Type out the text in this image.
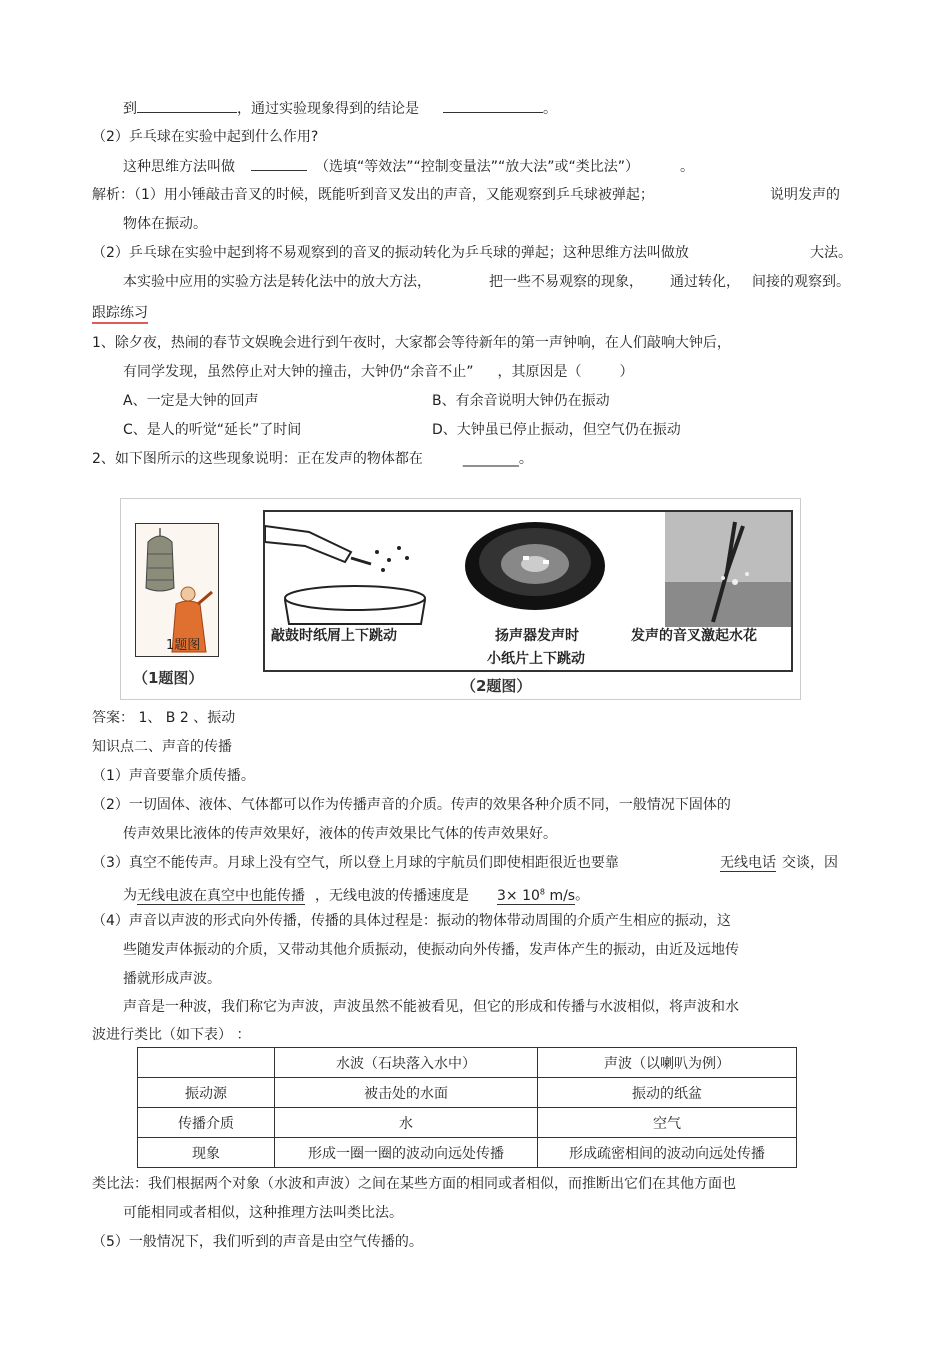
到	，通过实验现象得到的结论是	。
（2）乒乓球在实验中起到什么作用?
这种思维方法叫做	（选填“等效法”“控制变量法”“放大法”或“类比法”）	。
解析：（1）用小锤敲击音叉的时候，既能听到音叉发出的声音，又能观察到乒乓球被弹起；	说明发声的
物体在振动。
（2）乒乓球在实验中起到将不易观察到的音叉的振动转化为乒乓球的弹起；这种思维方法叫做放	大法。
本实验中应用的实验方法是转化法中的放大方法，	把一些不易观察的现象， 通过转化， 间接的观察到。
跟踪练习
1、除夕夜，热闹的春节文娱晚会进行到午夜时，大家都会等待新年的第一声钟响，在人们敲响大钟后，
有同学发现，虽然停止对大钟的撞击，大钟仍“余音不止” ，其原因是（	）
A、一定是大钟的回声	B、有余音说明大钟仍在振动
C、是人的听觉“延长”了时间	D、大钟虽已停止振动，但空气仍在振动
2、如下图所示的这些现象说明：正在发声的物体都在	________。
1题图
敲鼓时纸屑上下跳动	扬声器发声时
小纸片上下跳动
发声的音叉激起水花
（1题图）	（2题图）
答案： 1、 B 2 、振动
知识点二、声音的传播
（1）声音要靠介质传播。
（2）一切固体、液体、气体都可以作为传播声音的介质。传声的效果各种介质不同，一般情况下固体的
传声效果比液体的传声效果好，液体的传声效果比气体的传声效果好。
（3）真空不能传声。月球上没有空气，所以登上月球的宇航员们即使相距很近也要靠	无线电话 交谈，因
为无线电波在真空中也能传播 ，无线电波的传播速度是 $3\times 10^8$ m/s。
（4）声音以声波的形式向外传播，传播的具体过程是：振动的物体带动周围的介质产生相应的振动，这
些随发声体振动的介质，又带动其他介质振动，使振动向外传播，发声体产生的振动，由近及远地传
播就形成声波。
声音是一种波，我们称它为声波，声波虽然不能被看见，但它的形成和传播与水波相似，将声波和水
波进行类比（如下表） ：
	水波（石块落入水中）	声波（以喇叭为例）
振动源	被击处的水面	振动的纸盆
传播介质	水	空气
现象	形成一圈一圈的波动向远处传播	形成疏密相间的波动向远处传播
类比法：我们根据两个对象（水波和声波）之间在某些方面的相同或者相似，而推断出它们在其他方面也
可能相同或者相似，这种推理方法叫类比法。
（5）一般情况下，我们听到的声音是由空气传播的。
